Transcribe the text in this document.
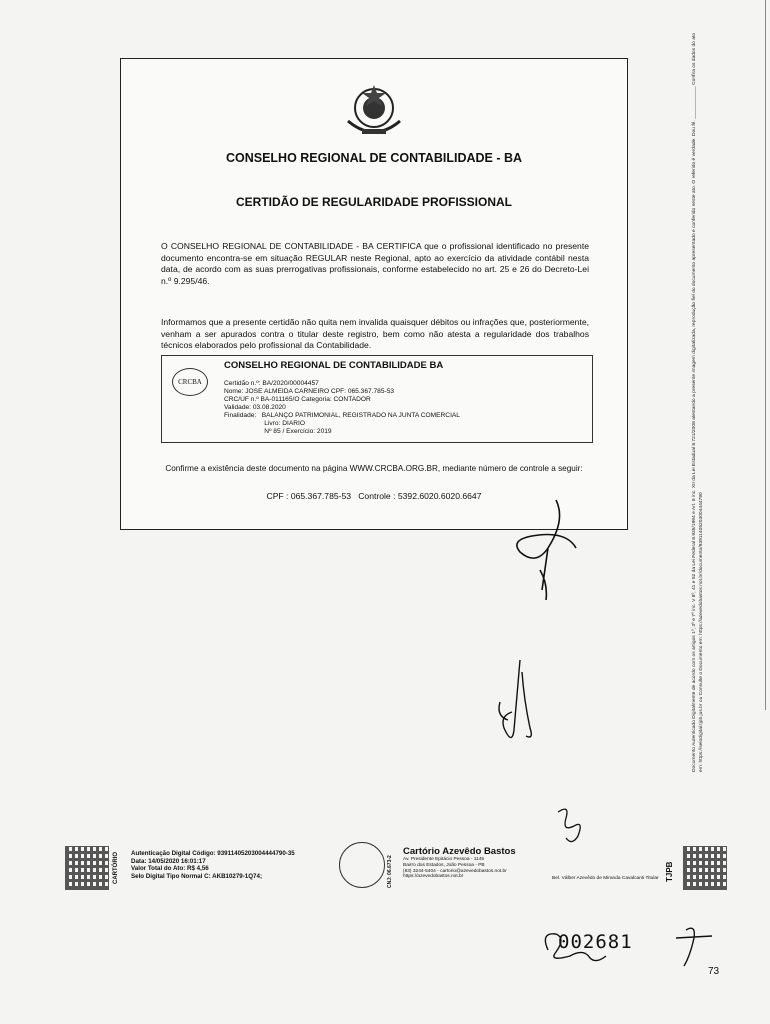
CONSELHO REGIONAL DE CONTABILIDADE - BA
CERTIDÃO DE REGULARIDADE PROFISSIONAL
O CONSELHO REGIONAL DE CONTABILIDADE - BA CERTIFICA que o profissional identificado no presente documento encontra-se em situação REGULAR neste Regional, apto ao exercício da atividade contábil nesta data, de acordo com as suas prerrogativas profissionais, conforme estabelecido no art. 25 e 26 do Decreto-Lei n.º 9.295/46.
Informamos que a presente certidão não quita nem invalida quaisquer débitos ou infrações que, posteriormente, venham a ser apurados contra o titular deste registro, bem como não atesta a regularidade dos trabalhos técnicos elaborados pelo profissional da Contabilidade.
CRCBA
CONSELHO REGIONAL DE CONTABILIDADE BA
Certidão n.º: BA/2020/00004457
Nome: JOSE ALMEIDA CARNEIRO CPF: 065.367.785-53
CRC/UF n.º BA-011165/O Categoria: CONTADOR
Validade: 03.08.2020
Finalidade:   BALANÇO PATRIMONIAL, REGISTRADO NA JUNTA COMERCIAL
Livro: DIARIO
Nº 85 / Exercício: 2019
Confirme a existência deste documento na página WWW.CRCBA.ORG.BR, mediante número de controle a seguir:
CPF : 065.367.785-53   Controle : 5392.6020.6020.6647	Documento Autenticado Digitalmente de acordo com os artigos 1º, 3º e 7º inc. V 8º, 41 e 52 da Lei Federal 8.935/1994 e Art. 8 inc. XII da Lei Estadual 8.721/2008 atestando a presente imagem digitalizada, reprodução fiel do documento apresentado e conferido neste ato. O referido é verdade. Dou fé. ____________ Confira os dados do ato em: https://selodigital.tjpb.jus.br ou Consulte o Documento em: https://azevedobastos.not.br/documento/93911405203004444790
CARTÓRIO Autenticação Digital Código: 93911405203004444790-35
Data: 14/05/2020 16:01:17
Valor Total do Ato: R$ 4,56
Selo Digital Tipo Normal C: AKB10279-1Q74;	CNJ: 06.673-2
Cartório Azevêdo Bastos
Av. Presidente Epitácio Pessoa - 1145
Bairro dos Estados, João Pessoa - PB
(83) 3244-5404 - cartorio@azevedobastos.not.br
https://azevedobastos.not.br	Bel. Válber Azevêdo de Miranda Cavalcanti Titular TJPB
002681
73
